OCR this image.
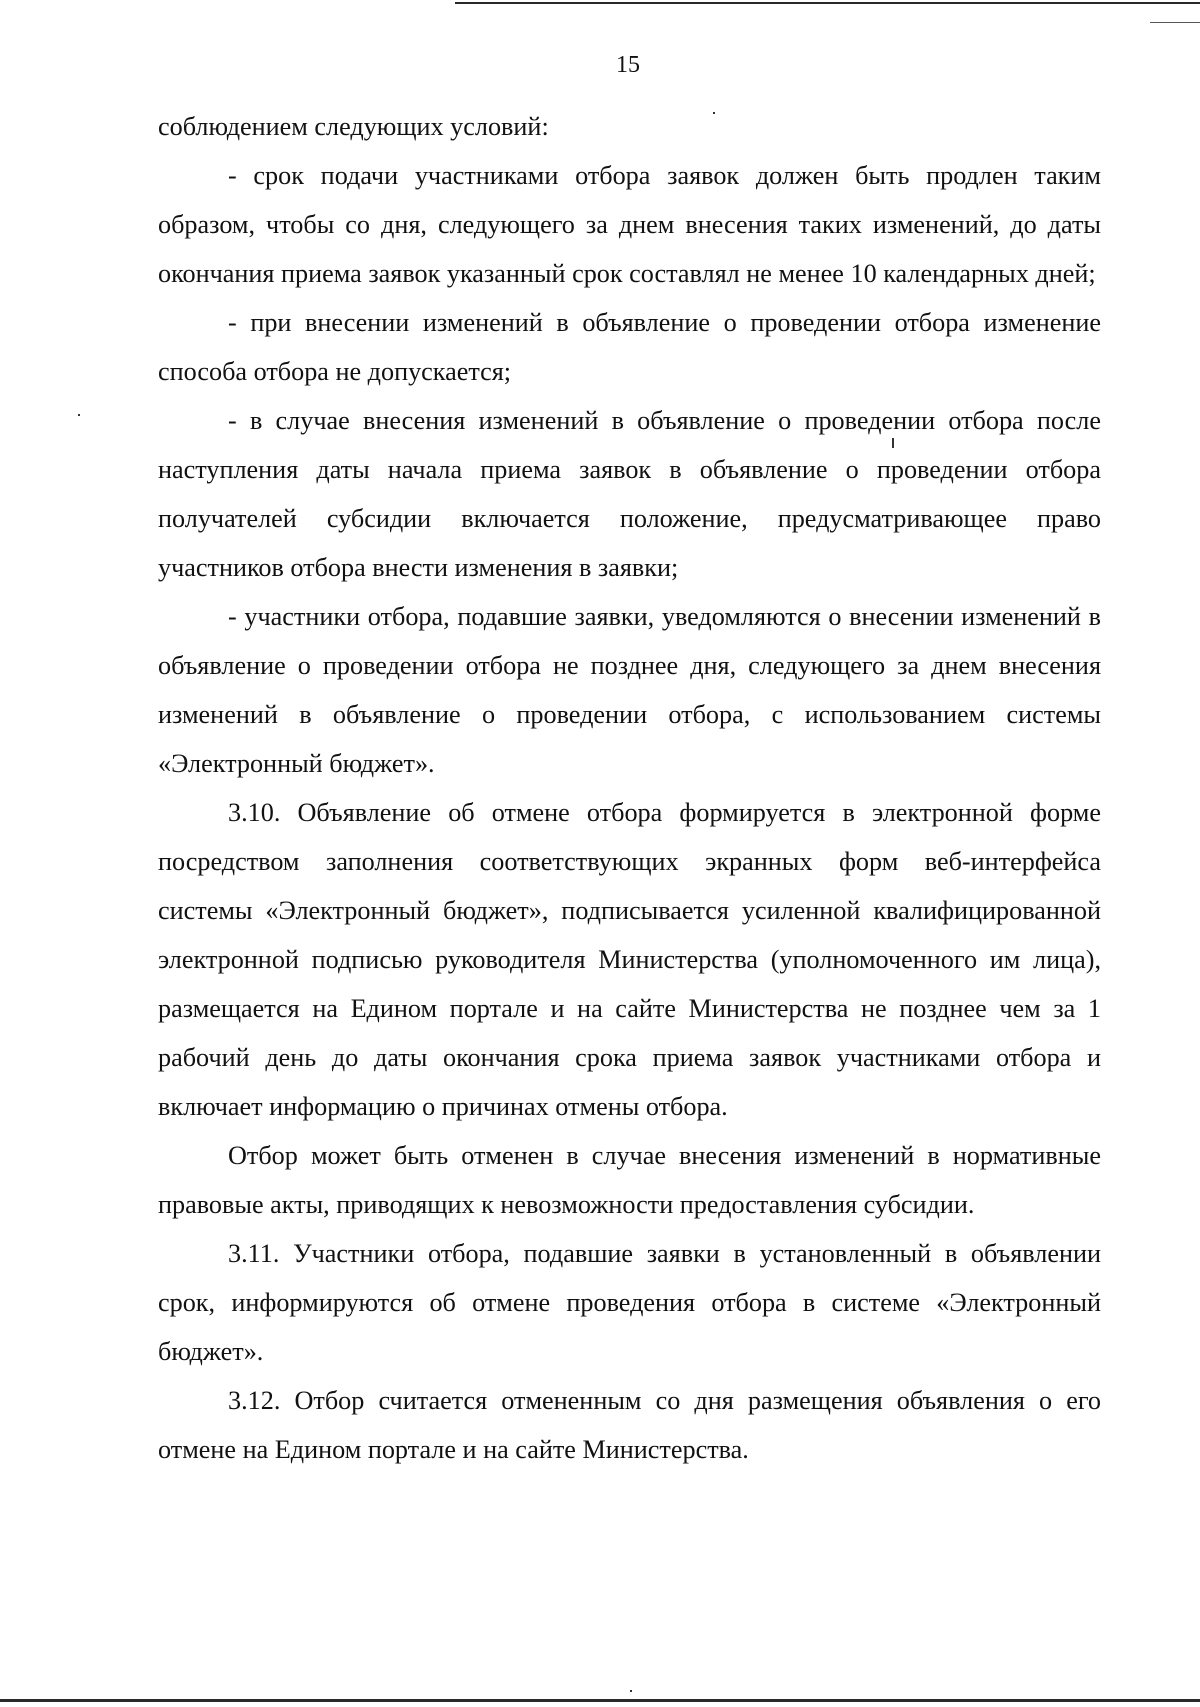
15

соблюдением следующих условий:

- срок подачи участниками отбора заявок должен быть продлен таким образом, чтобы со дня, следующего за днем внесения таких изменений, до даты окончания приема заявок указанный срок составлял не менее 10 календарных дней;

- при внесении изменений в объявление о проведении отбора изменение способа отбора не допускается;

- в случае внесения изменений в объявление о проведении отбора после наступления даты начала приема заявок в объявление о проведении отбора получателей субсидии включается положение, предусматривающее право участников отбора внести изменения в заявки;

- участники отбора, подавшие заявки, уведомляются о внесении изменений в объявление о проведении отбора не позднее дня, следующего за днем внесения изменений в объявление о проведении отбора, с использованием системы «Электронный бюджет».

3.10. Объявление об отмене отбора формируется в электронной форме посредством заполнения соответствующих экранных форм веб-интерфейса системы «Электронный бюджет», подписывается усиленной квалифицированной электронной подписью руководителя Министерства (уполномоченного им лица), размещается на Едином портале и на сайте Министерства не позднее чем за 1 рабочий день до даты окончания срока приема заявок участниками отбора и включает информацию о причинах отмены отбора.

Отбор может быть отменен в случае внесения изменений в нормативные правовые акты, приводящих к невозможности предоставления субсидии.

3.11. Участники отбора, подавшие заявки в установленный в объявлении срок, информируются об отмене проведения отбора в системе «Электронный бюджет».

3.12. Отбор считается отмененным со дня размещения объявления о его отмене на Едином портале и на сайте Министерства.
